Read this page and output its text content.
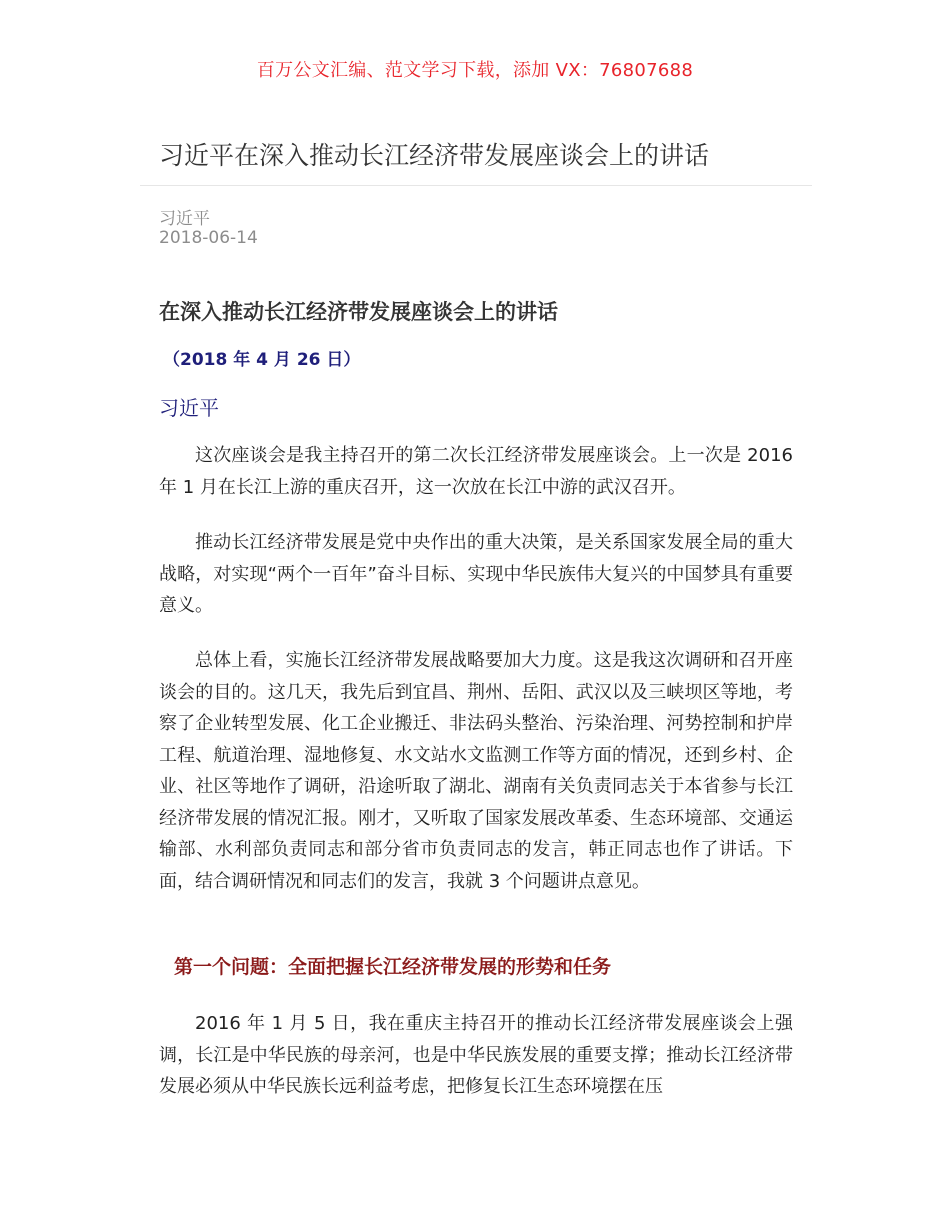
百万公文汇编、范文学习下载，添加 VX：76807688
习近平在深入推动长江经济带发展座谈会上的讲话
习近平
2018-06-14
在深入推动长江经济带发展座谈会上的讲话
（2018 年 4 月 26 日）
习近平

这次座谈会是我主持召开的第二次长江经济带发展座谈会。上一次是 2016 年 1 月在长江上游的重庆召开，这一次放在长江中游的武汉召开。

推动长江经济带发展是党中央作出的重大决策，是关系国家发展全局的重大战略，对实现“两个一百年”奋斗目标、实现中华民族伟大复兴的中国梦具有重要意义。

总体上看，实施长江经济带发展战略要加大力度。这是我这次调研和召开座谈会的目的。这几天，我先后到宜昌、荆州、岳阳、武汉以及三峡坝区等地，考察了企业转型发展、化工企业搬迁、非法码头整治、污染治理、河势控制和护岸工程、航道治理、湿地修复、水文站水文监测工作等方面的情况，还到乡村、企业、社区等地作了调研，沿途听取了湖北、湖南有关负责同志关于本省参与长江经济带发展的情况汇报。刚才，又听取了国家发展改革委、生态环境部、交通运输部、水利部负责同志和部分省市负责同志的发言，韩正同志也作了讲话。下面，结合调研情况和同志们的发言，我就 3 个问题讲点意见。

第一个问题：全面把握长江经济带发展的形势和任务

2016 年 1 月 5 日，我在重庆主持召开的推动长江经济带发展座谈会上强调，长江是中华民族的母亲河，也是中华民族发展的重要支撑；推动长江经济带发展必须从中华民族长远利益考虑，把修复长江生态环境摆在压
